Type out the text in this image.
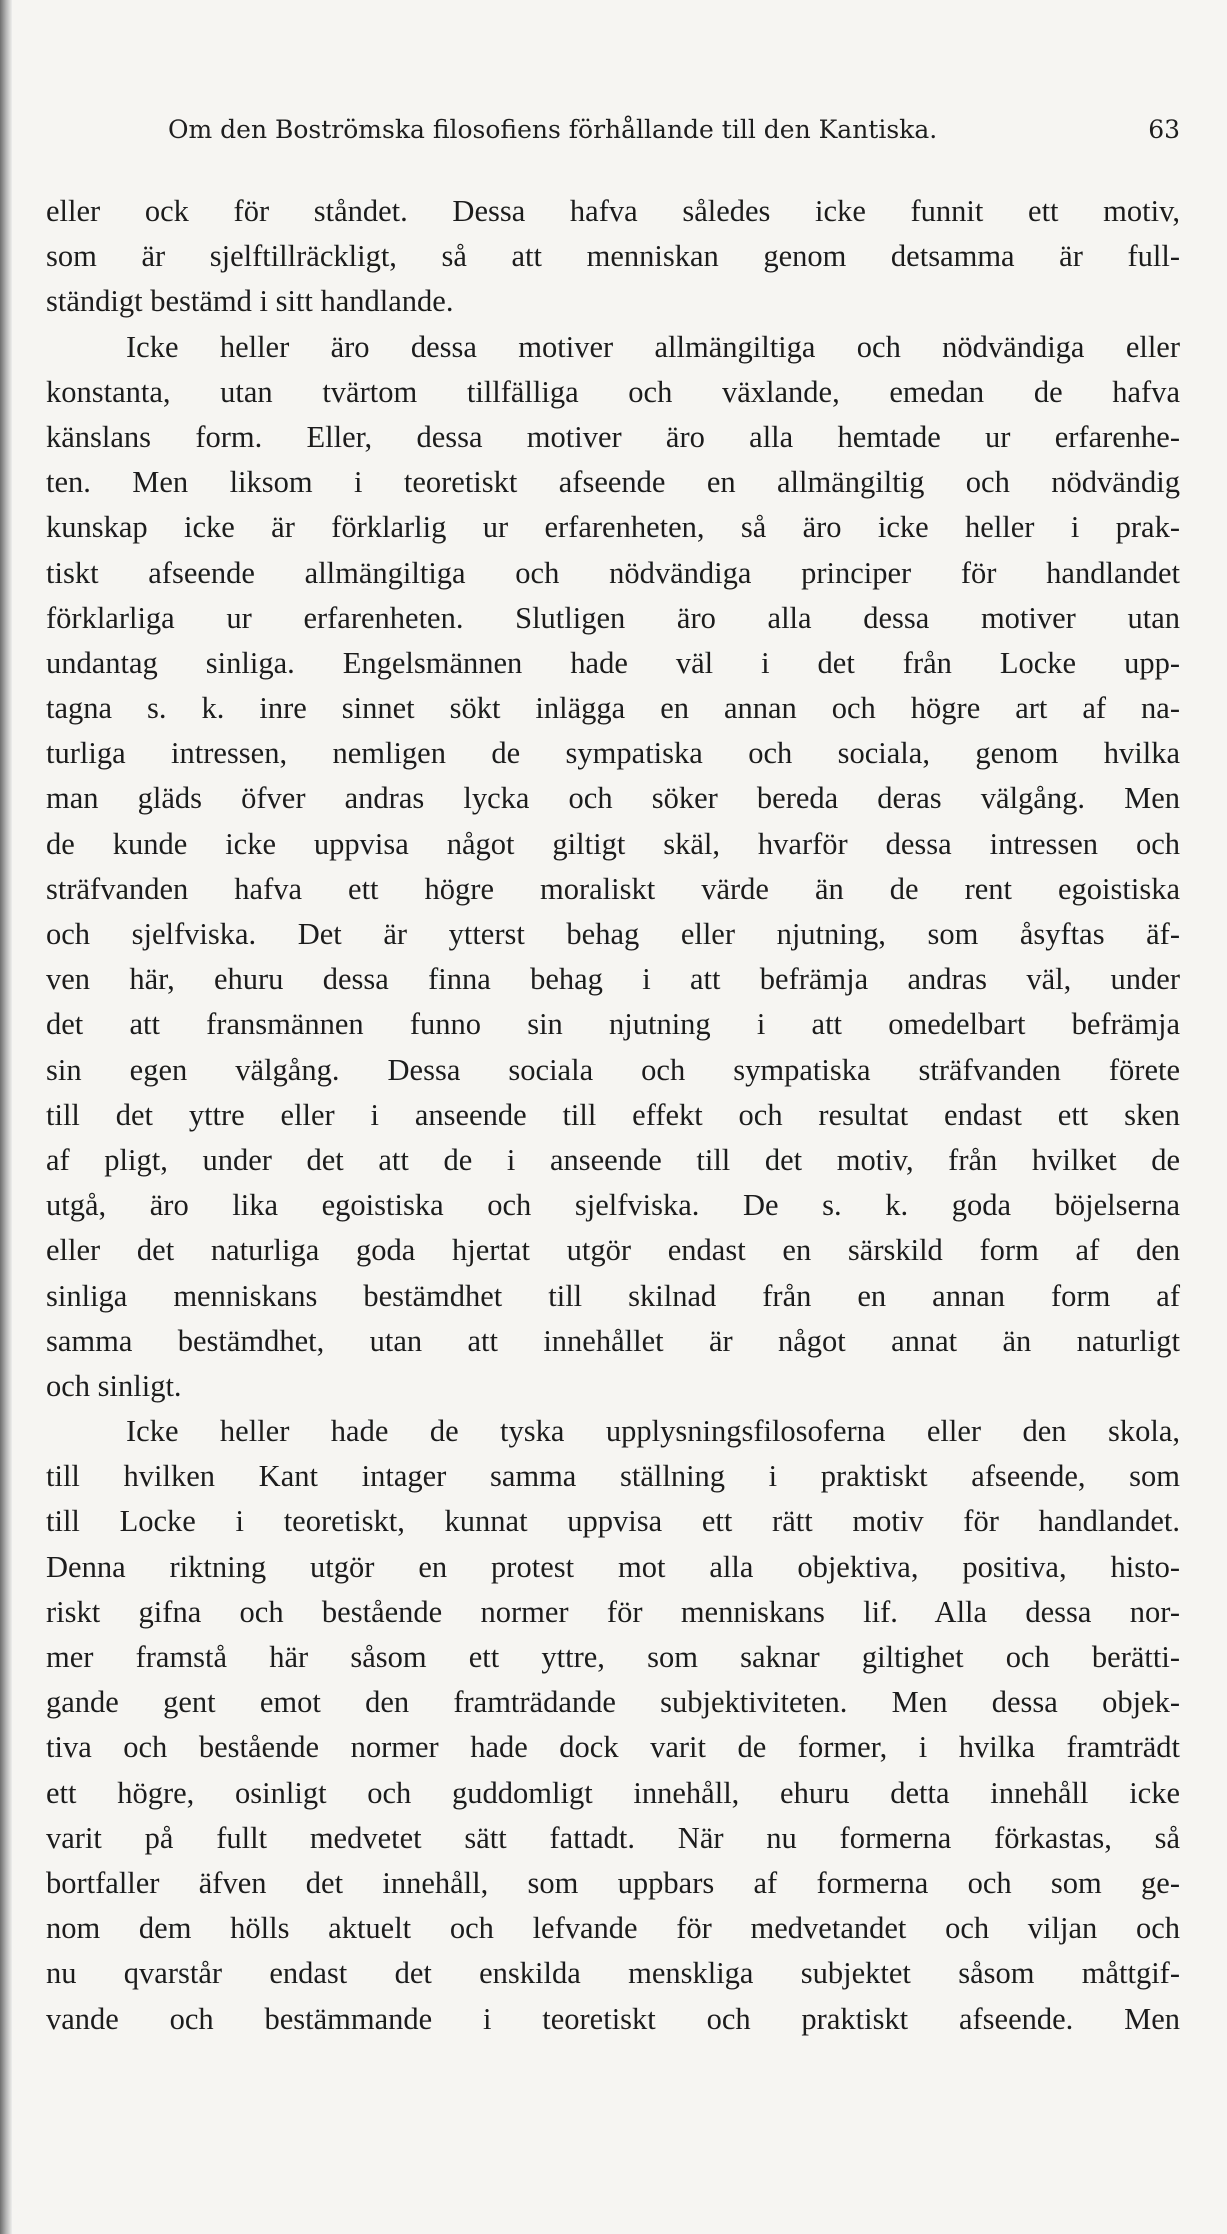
Om den Boströmska filosofiens förhållande till den Kantiska.	63
eller ock för ståndet. Dessa hafva således icke funnit ett motiv,
som är sjelftillräckligt, så att menniskan genom detsamma är full-
ständigt bestämd i sitt handlande.
Icke heller äro dessa motiver allmängiltiga och nödvändiga eller
konstanta, utan tvärtom tillfälliga och växlande, emedan de hafva
känslans form. Eller, dessa motiver äro alla hemtade ur erfarenhe-
ten. Men liksom i teoretiskt afseende en allmängiltig och nödvändig
kunskap icke är förklarlig ur erfarenheten, så äro icke heller i prak-
tiskt afseende allmängiltiga och nödvändiga principer för handlandet
förklarliga ur erfarenheten. Slutligen äro alla dessa motiver utan
undantag sinliga. Engelsmännen hade väl i det från Locke upp-
tagna s. k. inre sinnet sökt inlägga en annan och högre art af na-
turliga intressen, nemligen de sympatiska och sociala, genom hvilka
man gläds öfver andras lycka och söker bereda deras välgång. Men
de kunde icke uppvisa något giltigt skäl, hvarför dessa intressen och
sträfvanden hafva ett högre moraliskt värde än de rent egoistiska
och sjelfviska. Det är ytterst behag eller njutning, som åsyftas äf-
ven här, ehuru dessa finna behag i att befrämja andras väl, under
det att fransmännen funno sin njutning i att omedelbart befrämja
sin egen välgång. Dessa sociala och sympatiska sträfvanden förete
till det yttre eller i anseende till effekt och resultat endast ett sken
af pligt, under det att de i anseende till det motiv, från hvilket de
utgå, äro lika egoistiska och sjelfviska. De s. k. goda böjelserna
eller det naturliga goda hjertat utgör endast en särskild form af den
sinliga menniskans bestämdhet till skilnad från en annan form af
samma bestämdhet, utan att innehållet är något annat än naturligt
och sinligt.
Icke heller hade de tyska upplysningsfilosoferna eller den skola,
till hvilken Kant intager samma ställning i praktiskt afseende, som
till Locke i teoretiskt, kunnat uppvisa ett rätt motiv för handlandet.
Denna riktning utgör en protest mot alla objektiva, positiva, histo-
riskt gifna och bestående normer för menniskans lif. Alla dessa nor-
mer framstå här såsom ett yttre, som saknar giltighet och berätti-
gande gent emot den framträdande subjektiviteten. Men dessa objek-
tiva och bestående normer hade dock varit de former, i hvilka framträdt
ett högre, osinligt och guddomligt innehåll, ehuru detta innehåll icke
varit på fullt medvetet sätt fattadt. När nu formerna förkastas, så
bortfaller äfven det innehåll, som uppbars af formerna och som ge-
nom dem hölls aktuelt och lefvande för medvetandet och viljan och
nu qvarstår endast det enskilda menskliga subjektet såsom måttgif-
vande och bestämmande i teoretiskt och praktiskt afseende. Men
